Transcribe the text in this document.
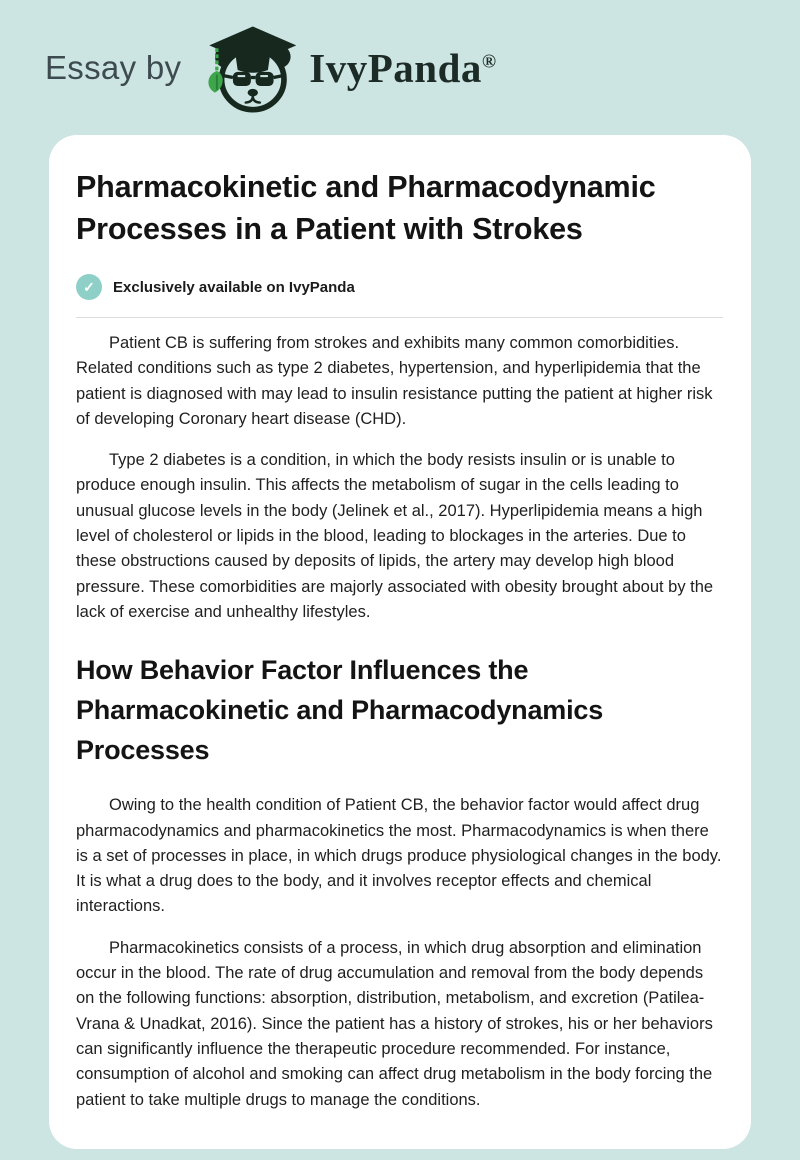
Essay by	IvyPanda®
Pharmacokinetic and Pharmacodynamic Processes in a Patient with Strokes
✓	Exclusively available on IvyPanda

Patient CB is suffering from strokes and exhibits many common comorbidities. Related conditions such as type 2 diabetes, hypertension, and hyperlipidemia that the patient is diagnosed with may lead to insulin resistance putting the patient at higher risk of developing Coronary heart disease (CHD).

Type 2 diabetes is a condition, in which the body resists insulin or is unable to produce enough insulin. This affects the metabolism of sugar in the cells leading to unusual glucose levels in the body (Jelinek et al., 2017). Hyperlipidemia means a high level of cholesterol or lipids in the blood, leading to blockages in the arteries. Due to these obstructions caused by deposits of lipids, the artery may develop high blood pressure. These comorbidities are majorly associated with obesity brought about by the lack of exercise and unhealthy lifestyles.

How Behavior Factor Influences the Pharmacokinetic and Pharmacodynamics Processes

Owing to the health condition of Patient CB, the behavior factor would affect drug pharmacodynamics and pharmacokinetics the most. Pharmacodynamics is when there is a set of processes in place, in which drugs produce physiological changes in the body. It is what a drug does to the body, and it involves receptor effects and chemical interactions.

Pharmacokinetics consists of a process, in which drug absorption and elimination occur in the blood. The rate of drug accumulation and removal from the body depends on the following functions: absorption, distribution, metabolism, and excretion (Patilea-Vrana & Unadkat, 2016). Since the patient has a history of strokes, his or her behaviors can significantly influence the therapeutic procedure recommended. For instance, consumption of alcohol and smoking can affect drug metabolism in the body forcing the patient to take multiple drugs to manage the conditions.
